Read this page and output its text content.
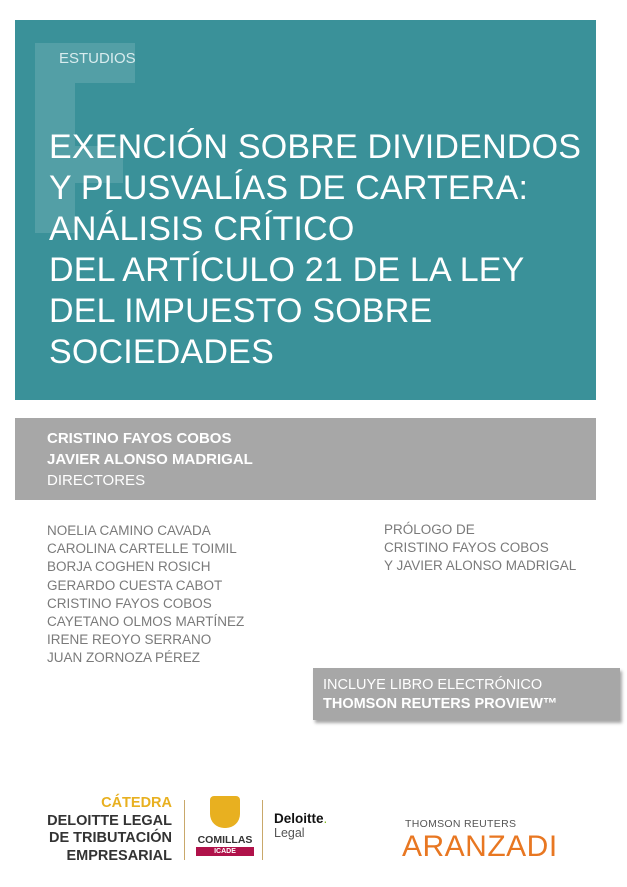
ESTUDIOS
EXENCIÓN SOBRE DIVIDENDOS
Y PLUSVALÍAS DE CARTERA:
ANÁLISIS CRÍTICO
DEL ARTÍCULO 21 DE LA LEY
DEL IMPUESTO SOBRE
SOCIEDADES
CRISTINO FAYOS COBOS
JAVIER ALONSO MADRIGAL
DIRECTORES
NOELIA CAMINO CAVADA
CAROLINA CARTELLE TOIMIL
BORJA COGHEN ROSICH
GERARDO CUESTA CABOT
CRISTINO FAYOS COBOS
CAYETANO OLMOS MARTÍNEZ
IRENE REOYO SERRANO
JUAN ZORNOZA PÉREZ
PRÓLOGO DE
CRISTINO FAYOS COBOS
Y JAVIER ALONSO MADRIGAL
INCLUYE LIBRO ELECTRÓNICO
THOMSON REUTERS PROVIEW™
CÁTEDRA
DELOITTE LEGAL
DE TRIBUTACIÓN
EMPRESARIAL
COMILLAS
ICADE
Deloitte.
Legal
THOMSON REUTERS
ARANZADI
